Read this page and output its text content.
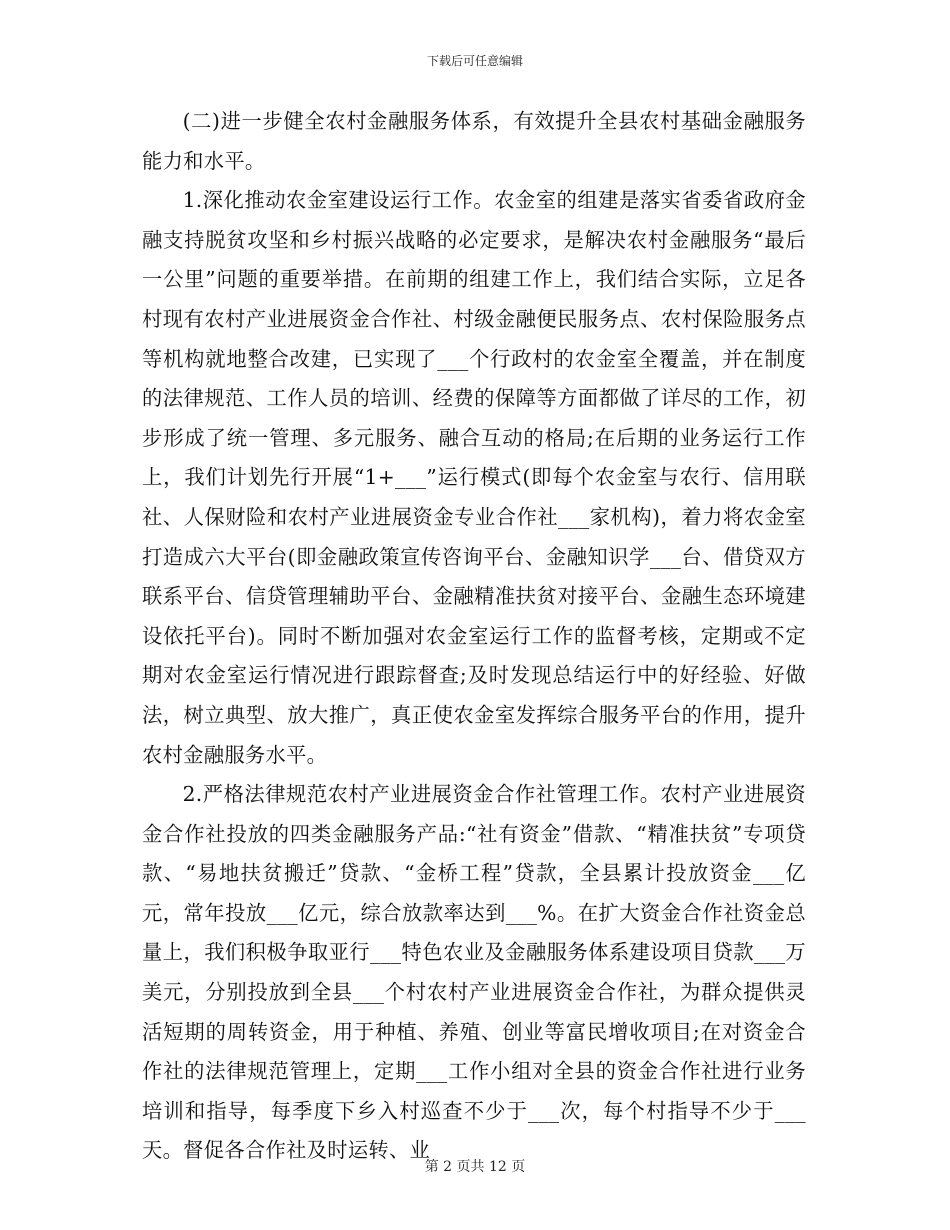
下载后可任意编辑

(二)进一步健全农村金融服务体系，有效提升全县农村基础金融服务能力和水平。

1.深化推动农金室建设运行工作。农金室的组建是落实省委省政府金融支持脱贫攻坚和乡村振兴战略的必定要求，是解决农村金融服务“最后一公里”问题的重要举措。在前期的组建工作上，我们结合实际，立足各村现有农村产业进展资金合作社、村级金融便民服务点、农村保险服务点等机构就地整合改建，已实现了___个行政村的农金室全覆盖，并在制度的法律规范、工作人员的培训、经费的保障等方面都做了详尽的工作，初步形成了统一管理、多元服务、融合互动的格局;在后期的业务运行工作上，我们计划先行开展“1+___”运行模式(即每个农金室与农行、信用联社、人保财险和农村产业进展资金专业合作社___家机构)，着力将农金室打造成六大平台(即金融政策宣传咨询平台、金融知识学___台、借贷双方联系平台、信贷管理辅助平台、金融精准扶贫对接平台、金融生态环境建设依托平台)。同时不断加强对农金室运行工作的监督考核，定期或不定期对农金室运行情况进行跟踪督查;及时发现总结运行中的好经验、好做法，树立典型、放大推广，真正使农金室发挥综合服务平台的作用，提升农村金融服务水平。

2.严格法律规范农村产业进展资金合作社管理工作。农村产业进展资金合作社投放的四类金融服务产品:“社有资金”借款、“精准扶贫”专项贷款、“易地扶贫搬迁”贷款、“金桥工程”贷款，全县累计投放资金___亿元，常年投放___亿元，综合放款率达到___%。在扩大资金合作社资金总量上，我们积极争取亚行___特色农业及金融服务体系建设项目贷款___万美元，分别投放到全县___个村农村产业进展资金合作社，为群众提供灵活短期的周转资金，用于种植、养殖、创业等富民增收项目;在对资金合作社的法律规范管理上，定期___工作小组对全县的资金合作社进行业务培训和指导，每季度下乡入村巡查不少于___次，每个村指导不少于___天。督促各合作社及时运转、业

第 2 页共 12 页
